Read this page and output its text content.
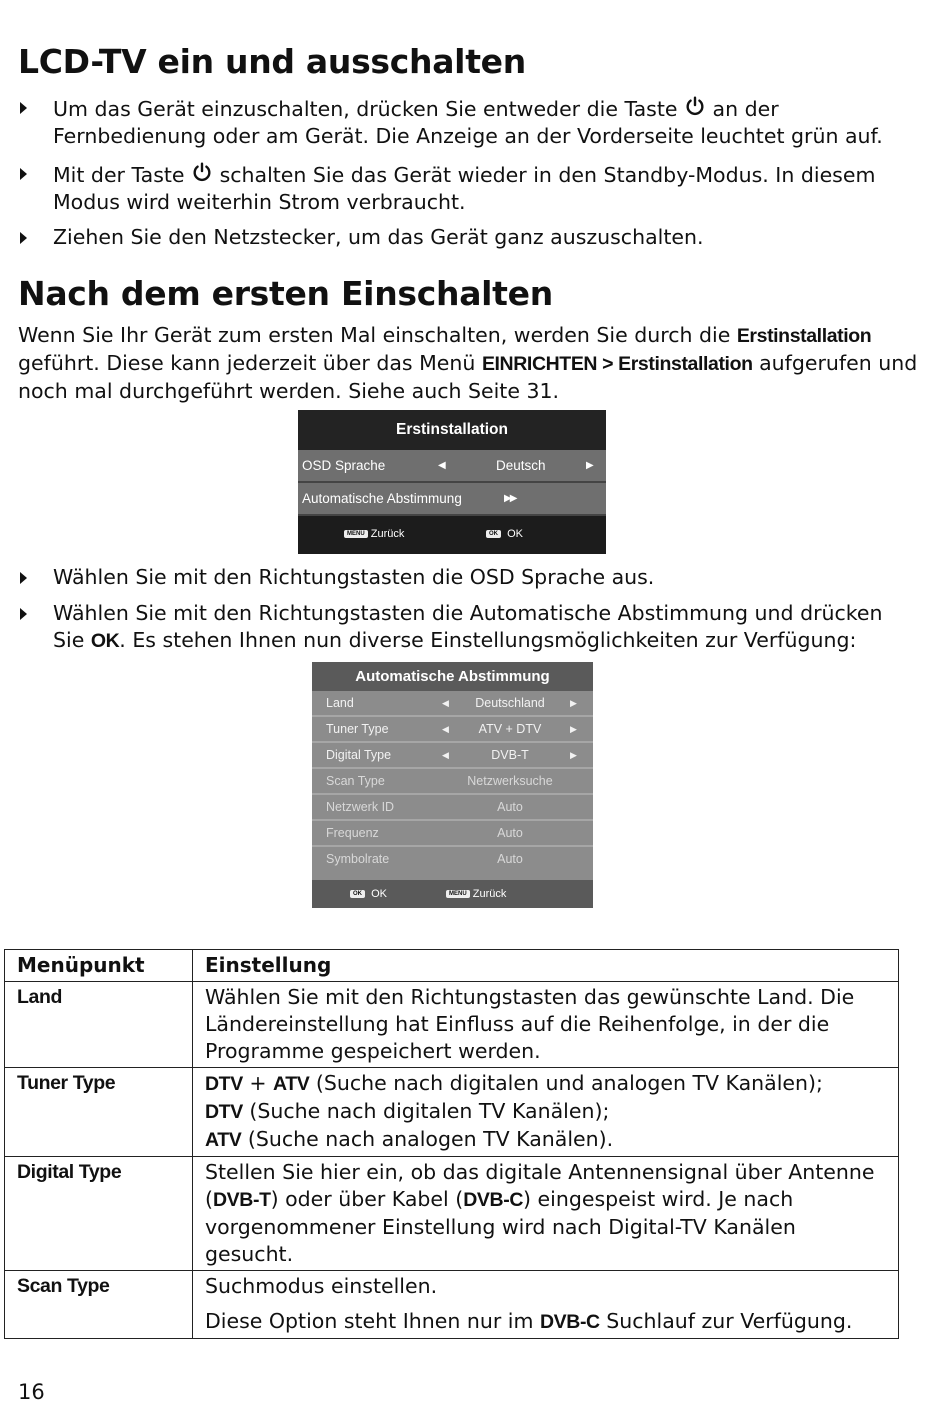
LCD-TV ein und ausschalten
Um das Gerät einzuschalten, drücken Sie entweder die Taste  an der Fernbedienung oder am Gerät. Die Anzeige an der Vorderseite leuchtet grün auf.
Mit der Taste  schalten Sie das Gerät wieder in den Standby-Modus. In diesem Modus wird weiterhin Strom verbraucht.
Ziehen Sie den Netzstecker, um das Gerät ganz auszuschalten.
Nach dem ersten Einschalten
Wenn Sie Ihr Gerät zum ersten Mal einschalten, werden Sie durch die Erstinstallation geführt. Diese kann jederzeit über das Menü EINRICHTEN > Erstinstallation aufgerufen und noch mal durchgeführt werden. Siehe auch Seite 31.
Erstinstallation
OSD Sprache	◀	Deutsch	▶
Automatische Abstimmung	▶▶
MENU Zurück	OK OK
Wählen Sie mit den Richtungstasten die OSD Sprache aus.
Wählen Sie mit den Richtungstasten die Automatische Abstimmung und drücken Sie OK. Es stehen Ihnen nun diverse Einstellungsmöglichkeiten zur Verfügung:
Automatische Abstimmung
Land	◀	Deutschland	▶
Tuner Type	◀	ATV + DTV	▶
Digital Type	◀	DVB-T	▶
Scan Type	Netzwerksuche
Netzwerk ID	Auto
Frequenz	Auto
Symbolrate	Auto
OK OK	MENU Zurück
Menüpunkt	Einstellung
Land	Wählen Sie mit den Richtungstasten das gewünschte Land. Die Ländereinstellung hat Einfluss auf die Reihenfolge, in der die Programme gespeichert werden.
Tuner Type	DTV + ATV (Suche nach digitalen und analogen TV Kanälen);
DTV (Suche nach digitalen TV Kanälen);
ATV (Suche nach analogen TV Kanälen).
Digital Type	Stellen Sie hier ein, ob das digitale Antennensignal über Antenne (DVB-T) oder über Kabel (DVB-C) eingespeist wird. Je nach vorgenommener Einstellung wird nach Digital-TV Kanälen gesucht.
Scan Type	Suchmodus einstellen.
Diese Option steht Ihnen nur im DVB-C Suchlauf zur Verfügung.
16
